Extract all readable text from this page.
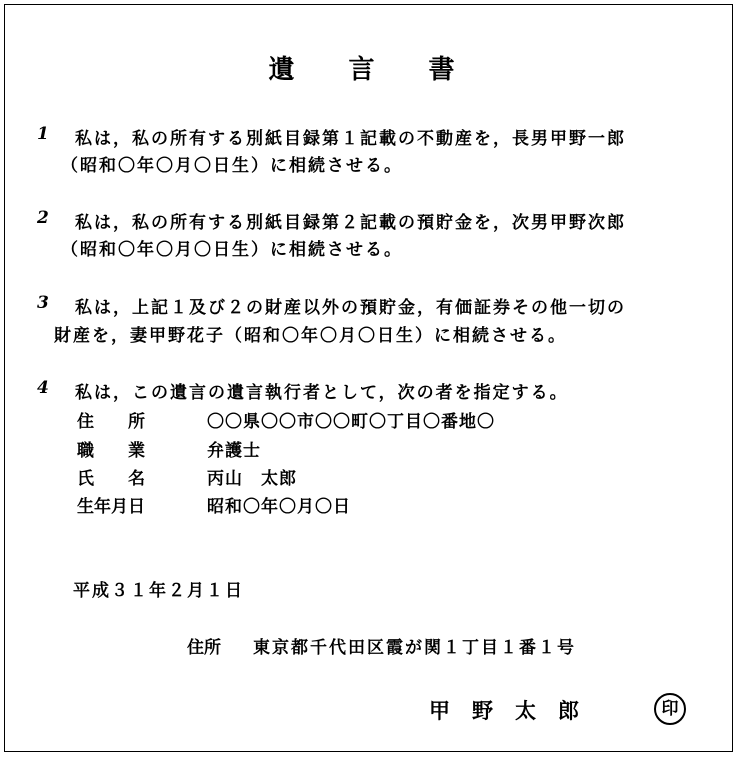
遺　言　書
1 私は，私の所有する別紙目録第１記載の不動産を，長男甲野一郎
（昭和〇年〇月〇日生）に相続させる。
2 私は，私の所有する別紙目録第２記載の預貯金を，次男甲野次郎
（昭和〇年〇月〇日生）に相続させる。
3 私は，上記１及び２の財産以外の預貯金，有価証券その他一切の
財産を，妻甲野花子（昭和〇年〇月〇日生）に相続させる。
4 私は，この遺言の遺言執行者として，次の者を指定する。
住　　所	〇〇県〇〇市〇〇町〇丁目〇番地〇
職　　業	弁護士
氏　　名	丙山　太郎
生年月日	昭和〇年〇月〇日
平成３１年２月１日
住所 東京都千代田区霞が関１丁目１番１号
甲野太郎	印
